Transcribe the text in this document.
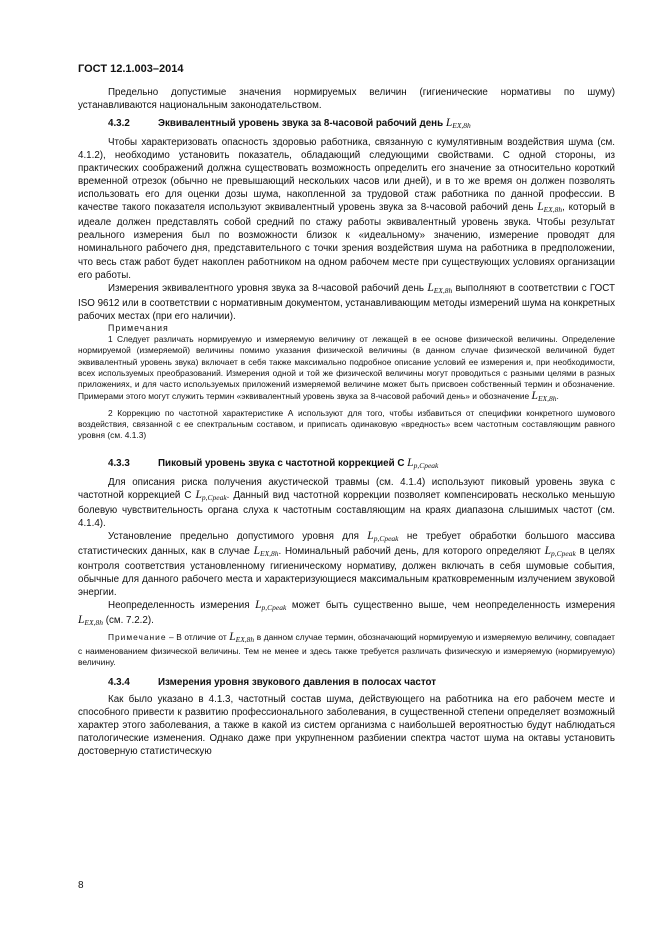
ГОСТ 12.1.003–2014

Предельно допустимые значения нормируемых величин (гигиенические нормативы по шуму) устанавливаются национальным законодательством.

4.3.2	Эквивалентный уровень звука за 8-часовой рабочий день $L_{EX,8h}$

Чтобы характеризовать опасность здоровью работника, связанную с кумулятивным воздействия шума (см. 4.1.2), необходимо установить показатель, обладающий следующими свойствами. С одной стороны, из практических соображений должна существовать возможность определить его значение за относительно короткий временной отрезок (обычно не превышающий нескольких часов или дней), и в то же время он должен позволять использовать его для оценки дозы шума, накопленной за трудовой стаж работника по данной профессии. В качестве такого показателя используют эквивалентный уровень звука за 8-часовой рабочий день $L_{EX,8h}$, который в идеале должен представлять собой средний по стажу работы эквивалентный уровень звука. Чтобы результат реального измерения был по возможности близок к «идеальному» значению, измерение проводят для номинального рабочего дня, представительного с точки зрения воздействия шума на работника в предположении, что весь стаж работ будет накоплен работником на одном рабочем месте при существующих условиях организации его работы.

Измерения эквивалентного уровня звука за 8-часовой рабочий день $L_{EX,8h}$ выполняют в соответствии с ГОСТ ISO 9612 или в соответствии с нормативным документом, устанавливающим методы измерений шума на конкретных рабочих местах (при его наличии).

Примечания

1 Следует различать нормируемую и измеряемую величину от лежащей в ее основе физической величины. Определение нормируемой (измеряемой) величины помимо указания физической величины (в данном случае физической величиной будет эквивалентный уровень звука) включает в себя также максимально подробное описание условий ее измерения и, при необходимости, всех используемых преобразований. Измерения одной и той же физической величины могут проводиться с разными целями в разных приложениях, и для часто используемых приложений измеряемой величине может быть присвоен собственный термин и обозначение. Примерами этого могут служить термин «эквивалентный уровень звука за 8-часовой рабочий день» и обозначение $L_{EX,8h}$.

2 Коррекцию по частотной характеристике А используют для того, чтобы избавиться от специфики конкретного шумового воздействия, связанной с ее спектральным составом, и приписать одинаковую «вредность» всем частотным составляющим равного уровня (см. 4.1.3)

4.3.3	Пиковый уровень звука с частотной коррекцией С $L_{p,Cpeak}$

Для описания риска получения акустической травмы (см. 4.1.4) используют пиковый уровень звука с частотной коррекцией С $L_{p,Cpeak}$. Данный вид частотной коррекции позволяет компенсировать несколько меньшую болевую чувствительность органа слуха к частотным составляющим на краях диапазона слышимых частот (см. 4.1.4).

Установление предельно допустимого уровня для $L_{p,Cpeak}$ не требует обработки большого массива статистических данных, как в случае $L_{EX,8h}$. Номинальный рабочий день, для которого определяют $L_{p,Cpeak}$ в целях контроля соответствия установленному гигиеническому нормативу, должен включать в себя шумовые события, обычные для данного рабочего места и характеризующиеся максимальным кратковременным излучением звуковой энергии.

Неопределенность измерения $L_{p,Cpeak}$ может быть существенно выше, чем неопределенность измерения $L_{EX,8h}$ (см. 7.2.2).

Примечание – В отличие от $L_{EX,8h}$ в данном случае термин, обозначающий нормируемую и измеряемую величину, совпадает с наименованием физической величины. Тем не менее и здесь также требуется различать физическую и измеряемую (нормируемую) величину.

4.3.4	Измерения уровня звукового давления в полосах частот

Как было указано в 4.1.3, частотный состав шума, действующего на работника на его рабочем месте и способного привести к развитию профессионального заболевания, в существенной степени определяет возможный характер этого заболевания, а также в какой из систем организма с наибольшей вероятностью будут наблюдаться патологические изменения. Однако даже при укрупненном разбиении спектра частот шума на октавы установить достоверную статистическую

8
